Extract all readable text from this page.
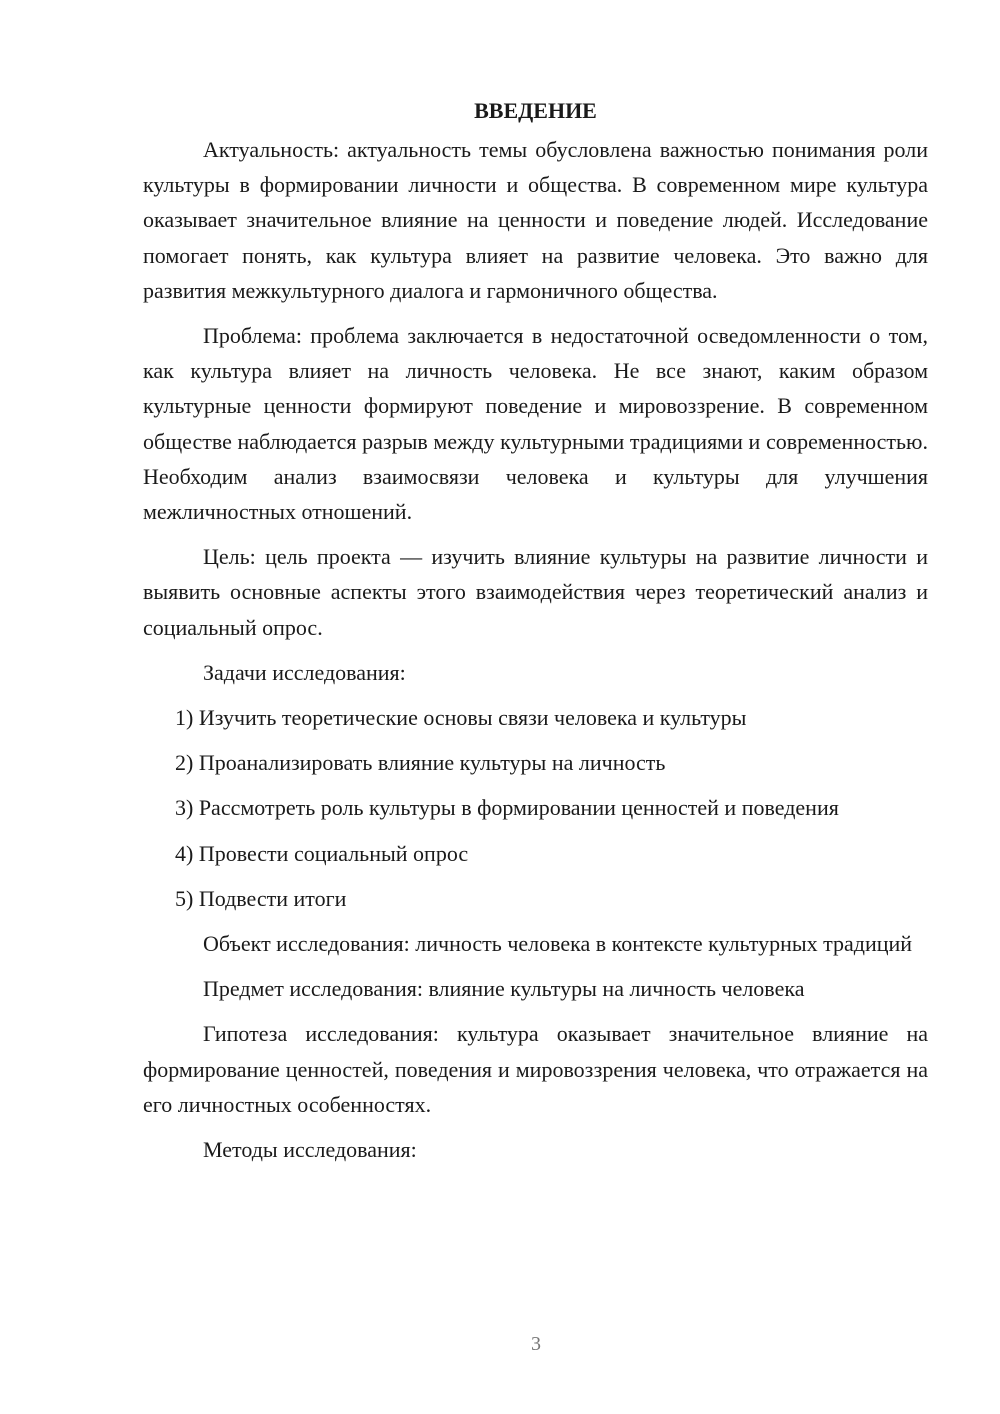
ВВЕДЕНИЕ

Актуальность: актуальность темы обусловлена важностью понимания роли культуры в формировании личности и общества. В современном мире культура оказывает значительное влияние на ценности и поведение людей. Исследование помогает понять, как культура влияет на развитие человека. Это важно для развития межкультурного диалога и гармоничного общества.

Проблема: проблема заключается в недостаточной осведомленности о том, как культура влияет на личность человека. Не все знают, каким образом культурные ценности формируют поведение и мировоззрение. В современном обществе наблюдается разрыв между культурными традициями и современностью. Необходим анализ взаимосвязи человека и культуры для улучшения межличностных отношений.

Цель: цель проекта — изучить влияние культуры на развитие личности и выявить основные аспекты этого взаимодействия через теоретический анализ и социальный опрос.

Задачи исследования:

1) Изучить теоретические основы связи человека и культуры

2) Проанализировать влияние культуры на личность

3) Рассмотреть роль культуры в формировании ценностей и поведения

4) Провести социальный опрос

5) Подвести итоги

Объект исследования: личность человека в контексте культурных традиций

Предмет исследования: влияние культуры на личность человека

Гипотеза исследования: культура оказывает значительное влияние на формирование ценностей, поведения и мировоззрения человека, что отражается на его личностных особенностях.

Методы исследования:

3
